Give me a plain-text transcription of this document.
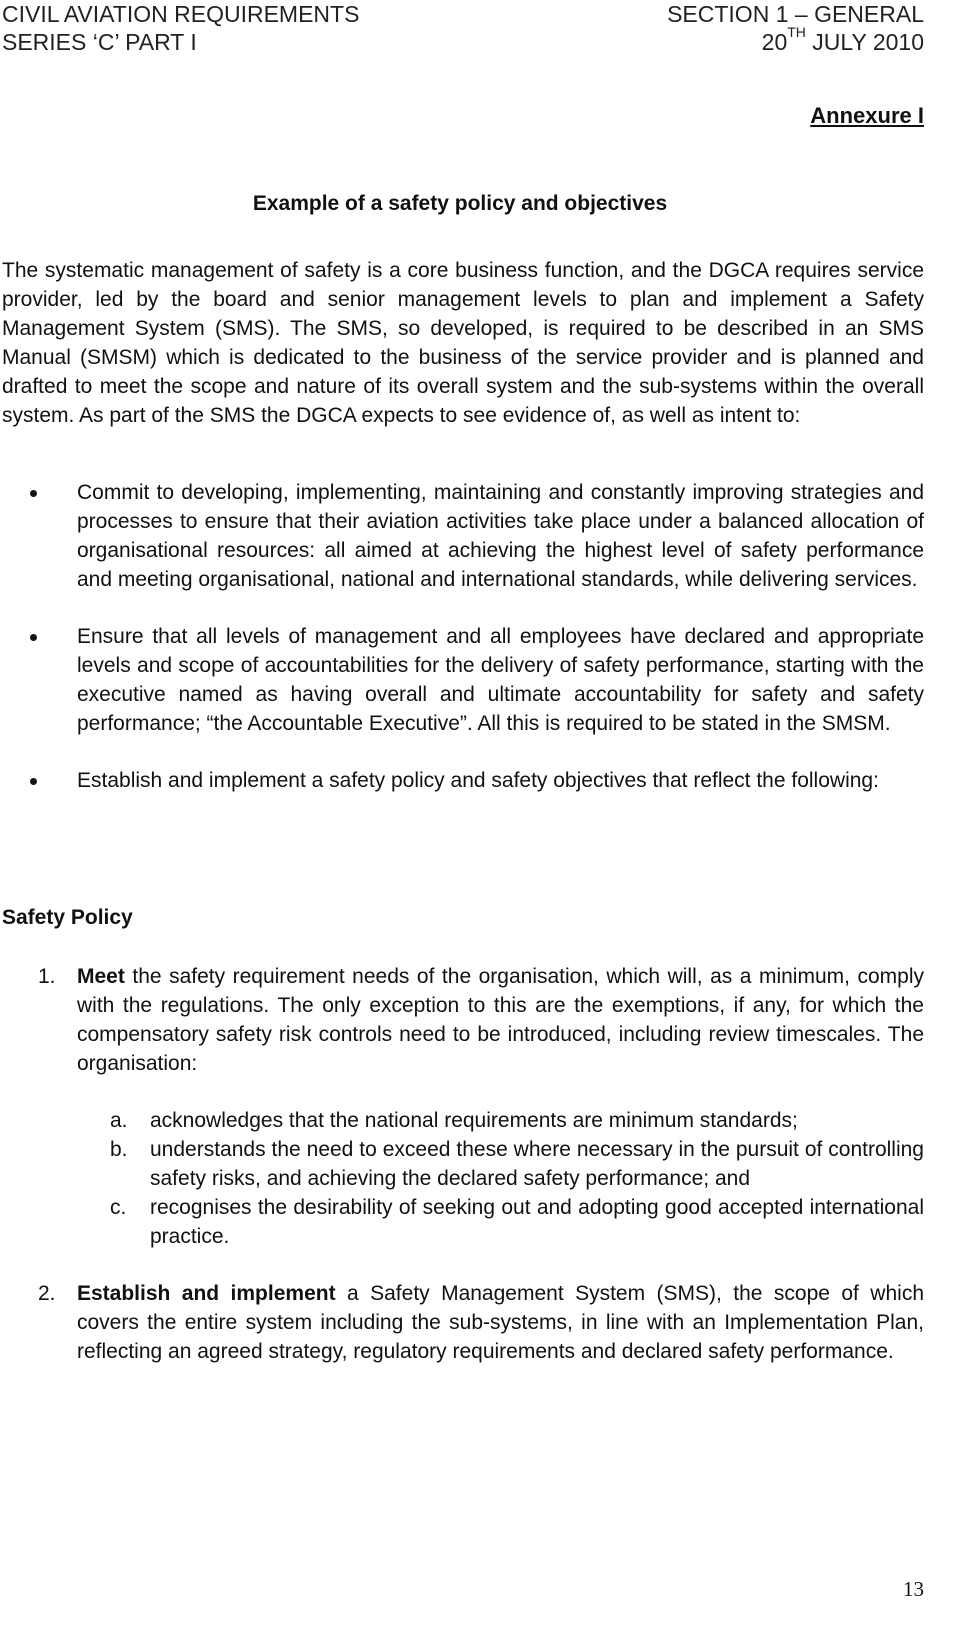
CIVIL AVIATION REQUIREMENTS
SERIES ‘C’ PART I
SECTION 1 – GENERAL
20TH JULY 2010
Annexure I
Example of a safety policy and objectives

The systematic management of safety is a core business function, and the DGCA requires service provider, led by the board and senior management levels to plan and implement a Safety Management System (SMS). The SMS, so developed, is required to be described in an SMS Manual (SMSM) which is dedicated to the business of the service provider and is planned and drafted to meet the scope and nature of its overall system and the sub-systems within the overall system. As part of the SMS the DGCA expects to see evidence of, as well as intent to:

Commit to developing, implementing, maintaining and constantly improving strategies and processes to ensure that their aviation activities take place under a balanced allocation of organisational resources: all aimed at achieving the highest level of safety performance and meeting organisational, national and international standards, while delivering services.
Ensure that all levels of management and all employees have declared and appropriate levels and scope of accountabilities for the delivery of safety performance, starting with the executive named as having overall and ultimate accountability for safety and safety performance; “the Accountable Executive”. All this is required to be stated in the SMSM.
Establish and implement a safety policy and safety objectives that reflect the following:
Safety Policy
1. Meet the safety requirement needs of the organisation, which will, as a minimum, comply with the regulations. The only exception to this are the exemptions, if any, for which the compensatory safety risk controls need to be introduced, including review timescales. The organisation:
a. acknowledges that the national requirements are minimum standards;
b. understands the need to exceed these where necessary in the pursuit of controlling safety risks, and achieving the declared safety performance; and
c. recognises the desirability of seeking out and adopting good accepted international practice.
2. Establish and implement a Safety Management System (SMS), the scope of which covers the entire system including the sub-systems, in line with an Implementation Plan, reflecting an agreed strategy, regulatory requirements and declared safety performance.
13
